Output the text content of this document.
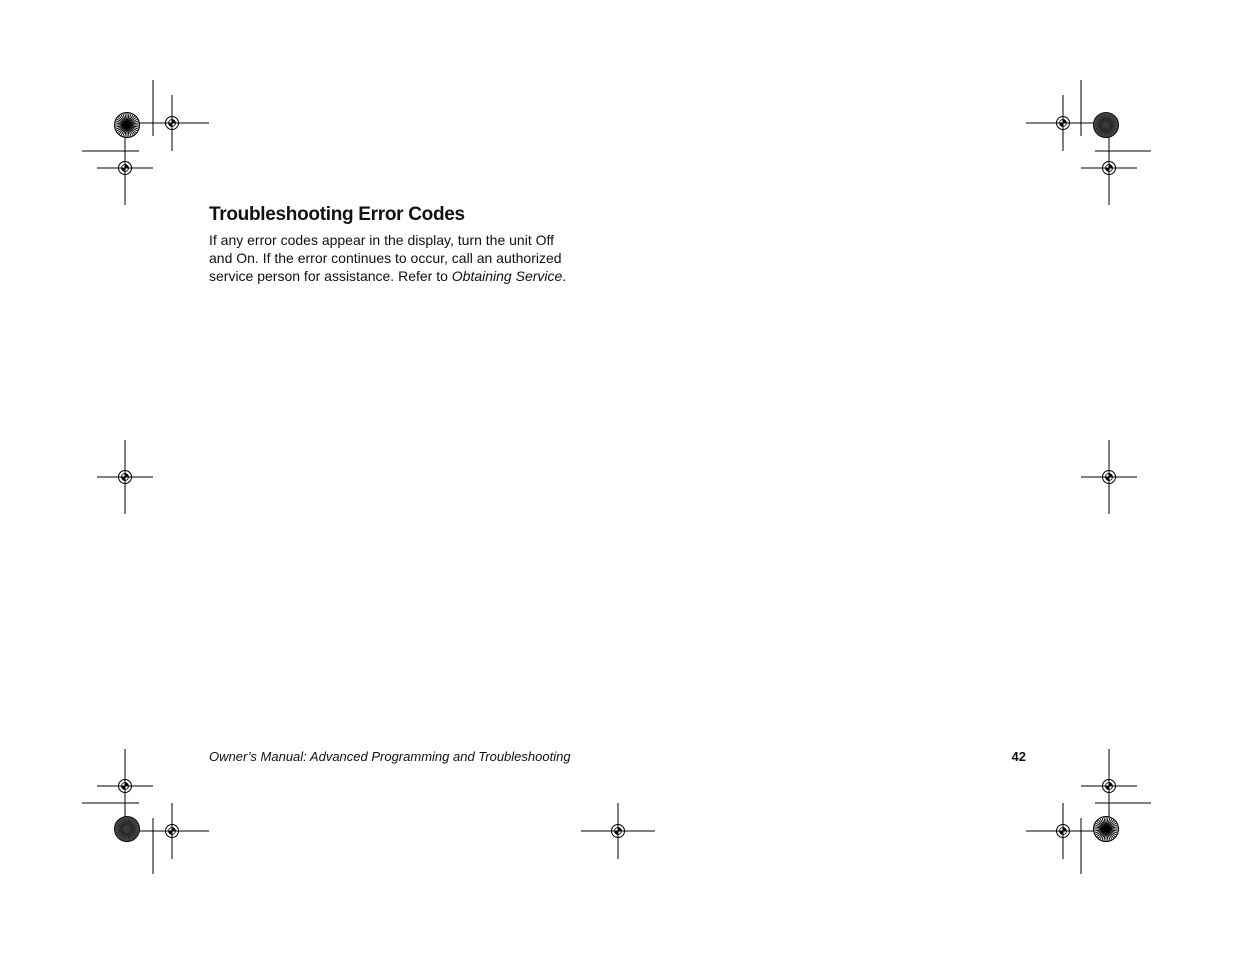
Troubleshooting Error Codes

If any error codes appear in the display, turn the unit Off
and On. If the error continues to occur, call an authorized
service person for assistance. Refer to Obtaining Service.

Owner’s Manual: Advanced Programming and Troubleshooting	42
